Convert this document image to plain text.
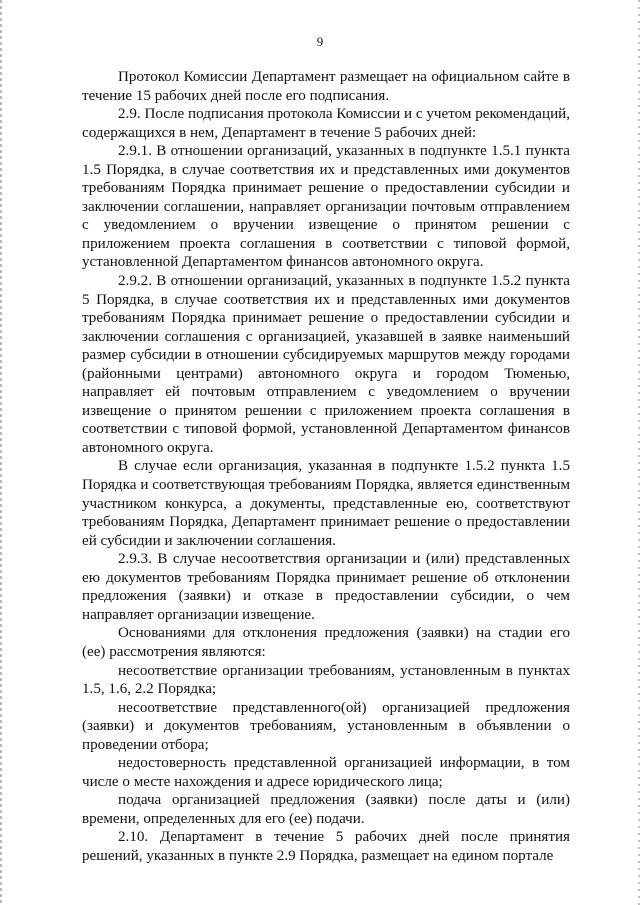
9

Протокол Комиссии Департамент размещает на официальном сайте в течение 15 рабочих дней после его подписания.

2.9. После подписания протокола Комиссии и с учетом рекомендаций, содержащихся в нем, Департамент в течение 5 рабочих дней:

2.9.1. В отношении организаций, указанных в подпункте 1.5.1 пункта 1.5 Порядка, в случае соответствия их и представленных ими документов требованиям Порядка принимает решение о предоставлении субсидии и заключении соглашении, направляет организации почтовым отправлением с уведомлением о вручении извещение о принятом решении с приложением проекта соглашения в соответствии с типовой формой, установленной Департаментом финансов автономного округа.

2.9.2. В отношении организаций, указанных в подпункте 1.5.2 пункта 5 Порядка, в случае соответствия их и представленных ими документов требованиям Порядка принимает решение о предоставлении субсидии и заключении соглашения с организацией, указавшей в заявке наименьший размер субсидии в отношении субсидируемых маршрутов между городами (районными центрами) автономного округа и городом Тюменью, направляет ей почтовым отправлением с уведомлением о вручении извещение о принятом решении с приложением проекта соглашения в соответствии с типовой формой, установленной Департаментом финансов автономного округа.

В случае если организация, указанная в подпункте 1.5.2 пункта 1.5 Порядка и соответствующая требованиям Порядка, является единственным участником конкурса, а документы, представленные ею, соответствуют требованиям Порядка, Департамент принимает решение о предоставлении ей субсидии и заключении соглашения.

2.9.3. В случае несоответствия организации и (или) представленных ею документов требованиям Порядка принимает решение об отклонении предложения (заявки) и отказе в предоставлении субсидии, о чем направляет организации извещение.

Основаниями для отклонения предложения (заявки) на стадии его (ее) рассмотрения являются:

несоответствие организации требованиям, установленным в пунктах 1.5, 1.6, 2.2 Порядка;

несоответствие представленного(ой) организацией предложения (заявки) и документов требованиям, установленным в объявлении о проведении отбора;

недостоверность представленной организацией информации, в том числе о месте нахождения и адресе юридического лица;

подача организацией предложения (заявки) после даты и (или) времени, определенных для его (ее) подачи.

2.10. Департамент в течение 5 рабочих дней после принятия решений, указанных в пункте 2.9 Порядка, размещает на едином портале
